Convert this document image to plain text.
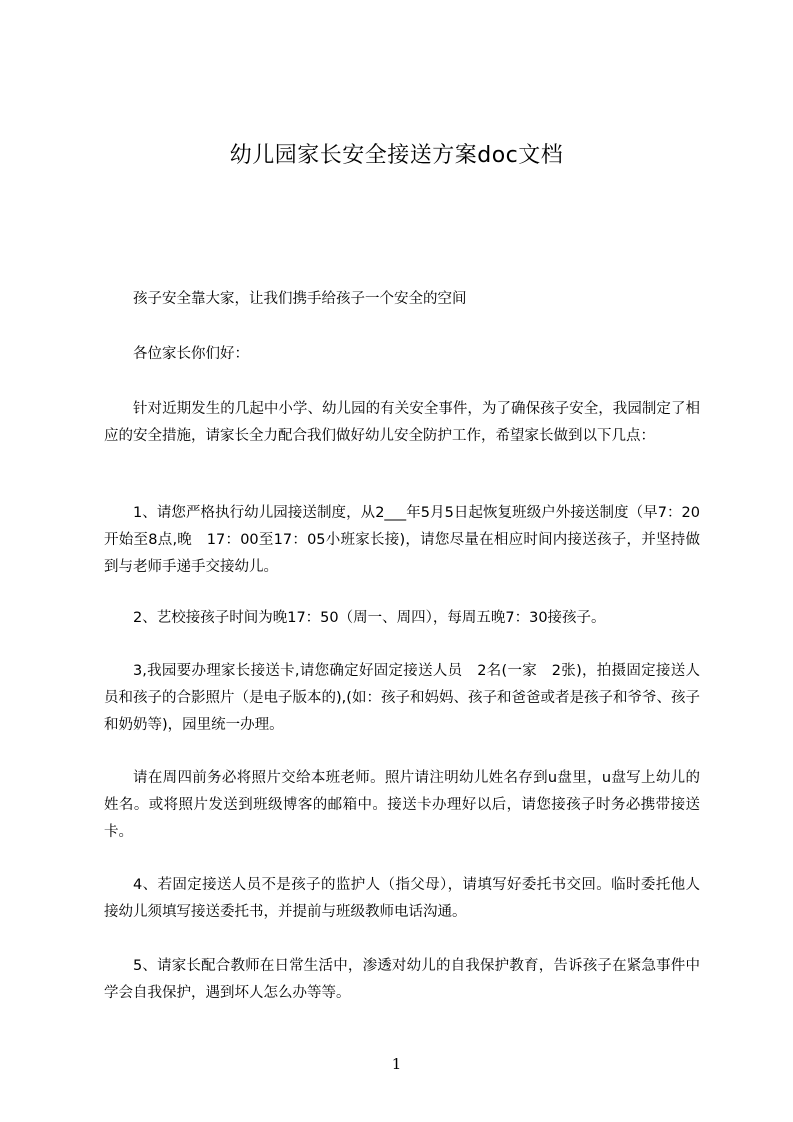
幼儿园家长安全接送方案doc文档

孩子安全靠大家，让我们携手给孩子一个安全的空间

各位家长你们好：

针对近期发生的几起中小学、幼儿园的有关安全事件，为了确保孩子安全，我园制定了相应的安全措施，请家长全力配合我们做好幼儿安全防护工作，希望家长做到以下几点：

1、请您严格执行幼儿园接送制度，从2___年5月5日起恢复班级户外接送制度（早7：20开始至8点,晚　17：00至17：05小班家长接)，请您尽量在相应时间内接送孩子，并坚持做到与老师手递手交接幼儿。

2、艺校接孩子时间为晚17：50（周一、周四），每周五晚7：30接孩子。

3,我园要办理家长接送卡,请您确定好固定接送人员　2名(一家　2张)，拍摄固定接送人员和孩子的合影照片（是电子版本的),(如：孩子和妈妈、孩子和爸爸或者是孩子和爷爷、孩子和奶奶等)，园里统一办理。

请在周四前务必将照片交给本班老师。照片请注明幼儿姓名存到u盘里，u盘写上幼儿的姓名。或将照片发送到班级博客的邮箱中。接送卡办理好以后，请您接孩子时务必携带接送卡。

4、若固定接送人员不是孩子的监护人（指父母），请填写好委托书交回。临时委托他人接幼儿须填写接送委托书，并提前与班级教师电话沟通。

5、请家长配合教师在日常生活中，渗透对幼儿的自我保护教育，告诉孩子在紧急事件中学会自我保护，遇到坏人怎么办等等。

1
